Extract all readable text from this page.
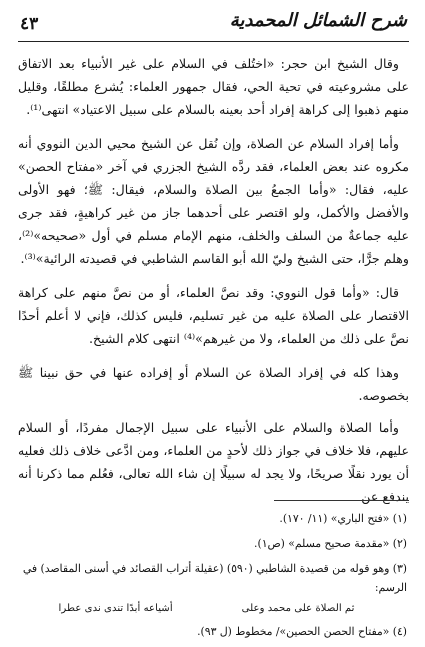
شرح الشمائل المحمدية
٤٣

وقال الشيخ ابن حجر: «اختُلف في السلام على غير الأنبياء بعد الاتفاق على مشروعيته في تحية الحي، فقال جمهور العلماء: يُشرع مطلقًا، وقليل منهم ذهبوا إلى كراهة إفراد أحد بعينه بالسلام على سبيل الاعتياد» انتهى⁽¹⁾.

وأما إفراد السلام عن الصلاة، وإن نُقل عن الشيخ محيي الدين النووي أنه مكروه عند بعض العلماء، فقد ردَّه الشيخ الجزري في آخر «مفتاح الحصن» عليه، فقال: «وأما الجمعُ بين الصلاة والسلام، فيقال: ﷺ؛ فهو الأولى والأفضل والأكمل، ولو اقتصر على أحدهما جاز من غير كراهيةٍ، فقد جرى عليه جماعةٌ من السلف والخلف، منهم الإمام مسلم في أول «صحيحه»⁽²⁾، وهلم جرًّا، حتى الشيخ وليّ الله أبو القاسم الشاطبي في قصيدته الرائية»⁽³⁾.

قال: «وأما قول النووي: وقد نصَّ العلماء، أو من نصَّ منهم على كراهة الاقتصار على الصلاة عليه من غير تسليم، فليس كذلك، فإني لا أعلم أحدًا نصَّ على ذلك من العلماء، ولا من غيرهم»⁽⁴⁾ انتهى كلام الشيخ.

وهذا كله في إفراد الصلاة عن السلام أو إفراده عنها في حق نبينا ﷺ بخصوصه.

وأما الصلاة والسلام على الأنبياء على سبيل الإجمال مفردًا، أو السلام عليهم، فلا خلاف في جواز ذلك لأحدٍ من العلماء، ومن ادَّعى خلاف ذلك فعليه أن يورد نقلًا صريحًا، ولا يجد له سبيلًا إن شاء الله تعالى، فعُلم مما ذكرنا أنه يندفع عن

(١) «فتح الباري» (١١/ ١٧٠).

(٢) «مقدمة صحيح مسلم» (ص١).

(٣) وهو قوله من قصيدة الشاطبي (٥٩٠) (عقيلة أتراب القصائد في أسنى المقاصد) في الرسم:

ثم الصلاة على محمد وعلى
أشياعه أبدًا تندى ندى عطرا

(٤) «مفتاح الحصن الحصين»/ مخطوط (ل ٩٣).
